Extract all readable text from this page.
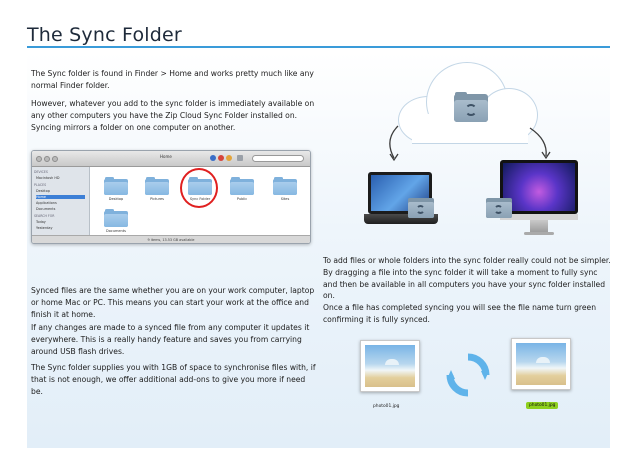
The Sync Folder
The Sync folder is found in Finder > Home and works pretty much like any normal Finder folder.
However, whatever you add to the sync folder is immediately available on any other computers you have the Zip Cloud Sync Folder installed on. Syncing mirrors a folder on one computer on another.
Home
DEVICES
Macintosh HD
PLACES
Desktop
Home
Applications
Documents
SEARCH FOR
Today
Yesterday
Desktop	Pictures	Sync Folder	Public	Sites
Documents
9 items, 13.53 GB available
Synced files are the same whether you are on your work computer, laptop or home Mac or PC. This means you can start your work at the office and finish it at home.
If any changes are made to a synced file from any computer it updates it everywhere. This is a really handy feature and saves you from carrying around USB flash drives.
The Sync folder supplies you with 1GB of space to synchronise files with, if that is not enough, we offer additional add-ons to give you more if need be.
To add files or whole folders into the sync folder really could not be simpler. By dragging a file into the sync folder it will take a moment to fully sync and then be available in all computers you have your sync folder installed on.
Once a file has completed syncing you will see the file name turn green confirming it is fully synced.
photo01.jpg	photo01.jpg
